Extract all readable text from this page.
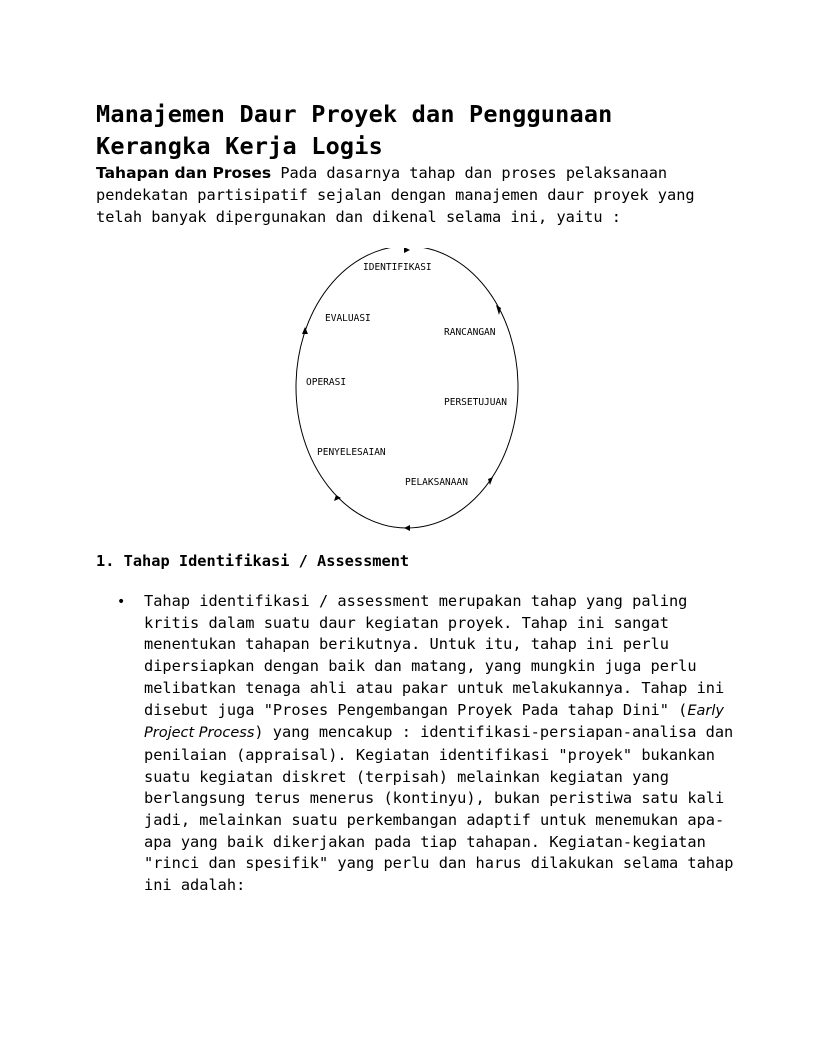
Manajemen Daur Proyek dan Penggunaan Kerangka Kerja Logis

Tahapan dan Proses Pada dasarnya tahap dan proses pelaksanaan pendekatan partisipatif sejalan dengan manajemen daur proyek yang telah banyak dipergunakan dan dikenal selama ini, yaitu :

IDENTIFIKASI
EVALUASI
RANCANGAN
OPERASI
PERSETUJUAN
PENYELESAIAN
PELAKSANAAN
1. Tahap Identifikasi / Assessment
• Tahap identifikasi / assessment merupakan tahap yang paling kritis dalam suatu daur kegiatan proyek. Tahap ini sangat menentukan tahapan berikutnya. Untuk itu, tahap ini perlu dipersiapkan dengan baik dan matang, yang mungkin juga perlu melibatkan tenaga ahli atau pakar untuk melakukannya. Tahap ini disebut juga "Proses Pengembangan Proyek Pada tahap Dini" (Early Project Process) yang mencakup : identifikasi-persiapan-analisa dan penilaian (appraisal). Kegiatan identifikasi "proyek" bukankan suatu kegiatan diskret (terpisah) melainkan kegiatan yang berlangsung terus menerus (kontinyu), bukan peristiwa satu kali jadi, melainkan suatu perkembangan adaptif untuk menemukan apa-apa yang baik dikerjakan pada tiap tahapan. Kegiatan-kegiatan "rinci dan spesifik" yang perlu dan harus dilakukan selama tahap ini adalah:
